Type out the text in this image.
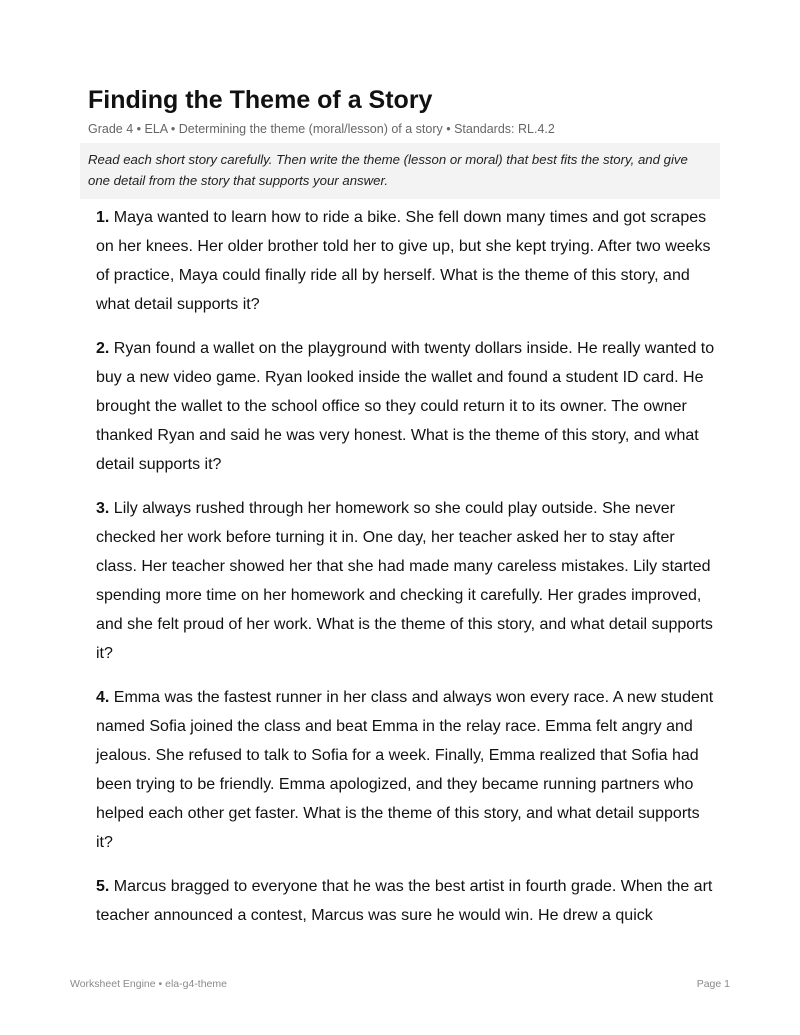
Finding the Theme of a Story
Grade 4 • ELA • Determining the theme (moral/lesson) of a story • Standards: RL.4.2
Read each short story carefully. Then write the theme (lesson or moral) that best fits the story, and give one detail from the story that supports your answer.

1. Maya wanted to learn how to ride a bike. She fell down many times and got scrapes on her knees. Her older brother told her to give up, but she kept trying. After two weeks of practice, Maya could finally ride all by herself. What is the theme of this story, and what detail supports it?

2. Ryan found a wallet on the playground with twenty dollars inside. He really wanted to buy a new video game. Ryan looked inside the wallet and found a student ID card. He brought the wallet to the school office so they could return it to its owner. The owner thanked Ryan and said he was very honest. What is the theme of this story, and what detail supports it?

3. Lily always rushed through her homework so she could play outside. She never checked her work before turning it in. One day, her teacher asked her to stay after class. Her teacher showed her that she had made many careless mistakes. Lily started spending more time on her homework and checking it carefully. Her grades improved, and she felt proud of her work. What is the theme of this story, and what detail supports it?

4. Emma was the fastest runner in her class and always won every race. A new student named Sofia joined the class and beat Emma in the relay race. Emma felt angry and jealous. She refused to talk to Sofia for a week. Finally, Emma realized that Sofia had been trying to be friendly. Emma apologized, and they became running partners who helped each other get faster. What is the theme of this story, and what detail supports it?

5. Marcus bragged to everyone that he was the best artist in fourth grade. When the art teacher announced a contest, Marcus was sure he would win. He drew a quick

Worksheet Engine • ela-g4-theme	Page 1
